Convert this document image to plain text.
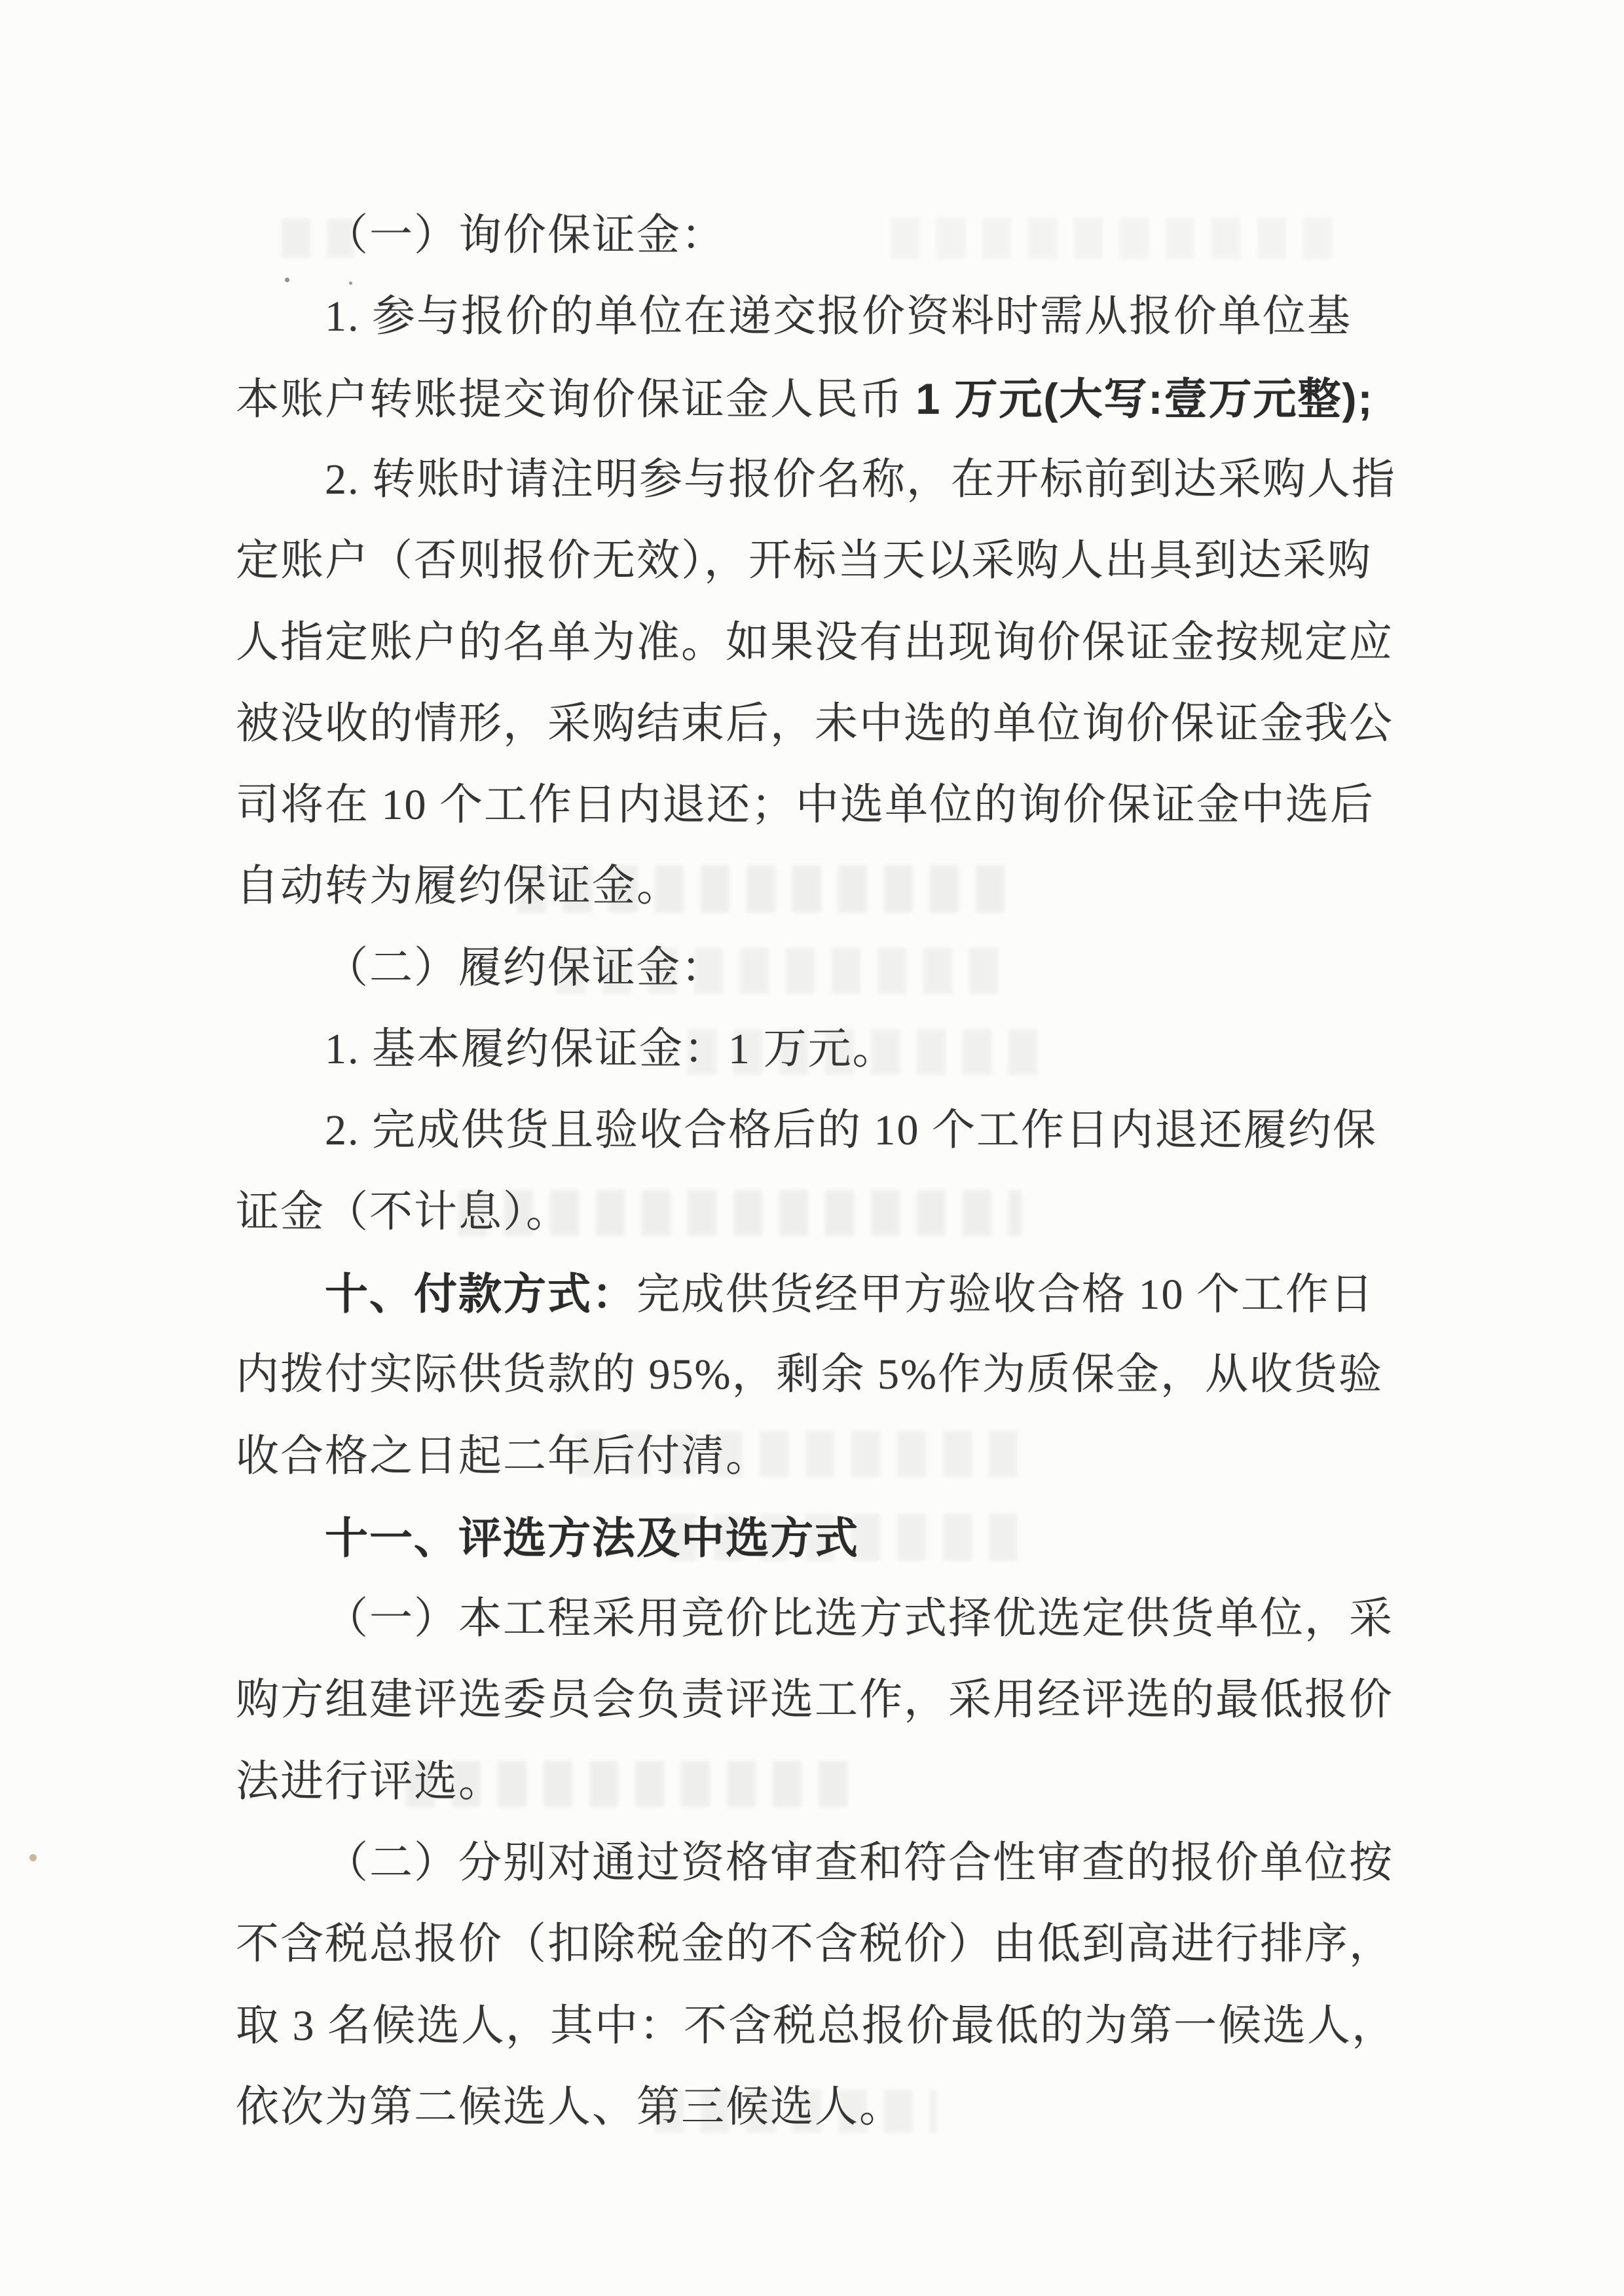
（一）询价保证金：
1. 参与报价的单位在递交报价资料时需从报价单位基
本账户转账提交询价保证金人民币 1 万元(大写:壹万元整);
2. 转账时请注明参与报价名称，在开标前到达采购人指
定账户（否则报价无效），开标当天以采购人出具到达采购
人指定账户的名单为准。如果没有出现询价保证金按规定应
被没收的情形，采购结束后，未中选的单位询价保证金我公
司将在 10 个工作日内退还；中选单位的询价保证金中选后
自动转为履约保证金。
（二）履约保证金：
1. 基本履约保证金：1 万元。
2. 完成供货且验收合格后的 10 个工作日内退还履约保
证金（不计息）。
十、付款方式：完成供货经甲方验收合格 10 个工作日
内拨付实际供货款的 95%，剩余 5%作为质保金，从收货验
收合格之日起二年后付清。
十一、评选方法及中选方式
（一）本工程采用竞价比选方式择优选定供货单位，采
购方组建评选委员会负责评选工作，采用经评选的最低报价
法进行评选。
（二）分别对通过资格审查和符合性审查的报价单位按
不含税总报价（扣除税金的不含税价）由低到高进行排序，
取 3 名候选人，其中：不含税总报价最低的为第一候选人，
依次为第二候选人、第三候选人。
